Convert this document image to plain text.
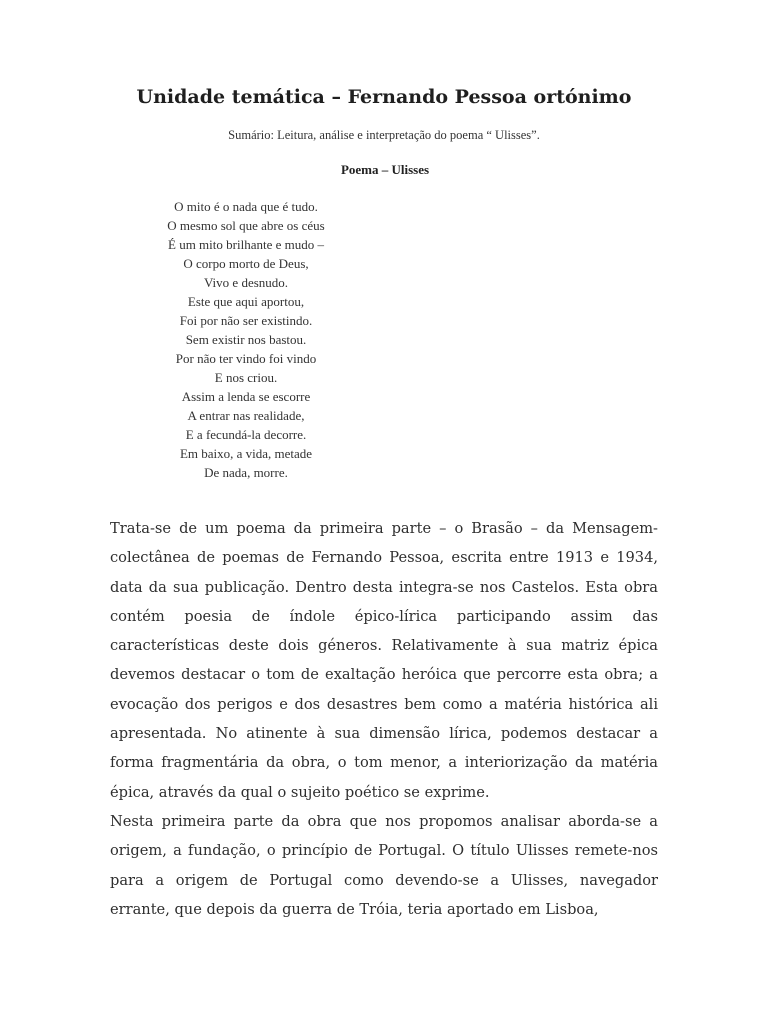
Unidade temática – Fernando Pessoa ortónimo
Sumário: Leitura, análise e interpretação do poema “ Ulisses”.
Poema – Ulisses
O mito é o nada que é tudo.
O mesmo sol que abre os céus
É um mito brilhante e mudo –
O corpo morto de Deus,
Vivo e desnudo.
Este que aqui aportou,
Foi por não ser existindo.
Sem existir nos bastou.
Por não ter vindo foi vindo
E nos criou.
Assim a lenda se escorre
A entrar nas realidade,
E a fecundá-la decorre.
Em baixo, a vida, metade
De nada, morre.

Trata-se de um poema da primeira parte – o Brasão – da Mensagem-colectânea de poemas de Fernando Pessoa, escrita entre 1913 e 1934, data da sua publicação. Dentro desta integra-se nos Castelos. Esta obra contém poesia de índole épico-lírica participando assim das características deste dois géneros. Relativamente à sua matriz épica devemos destacar o tom de exaltação heróica que percorre esta obra; a evocação dos perigos e dos desastres bem como a matéria histórica ali apresentada. No atinente à sua dimensão lírica, podemos destacar a forma fragmentária da obra, o tom menor, a interiorização da matéria épica, através da qual o sujeito poético se exprime.

Nesta primeira parte da obra que nos propomos analisar aborda-se a origem, a fundação, o princípio de Portugal. O título Ulisses remete-nos para a origem de Portugal como devendo-se a Ulisses, navegador errante, que depois da guerra de Tróia, teria aportado em Lisboa,
